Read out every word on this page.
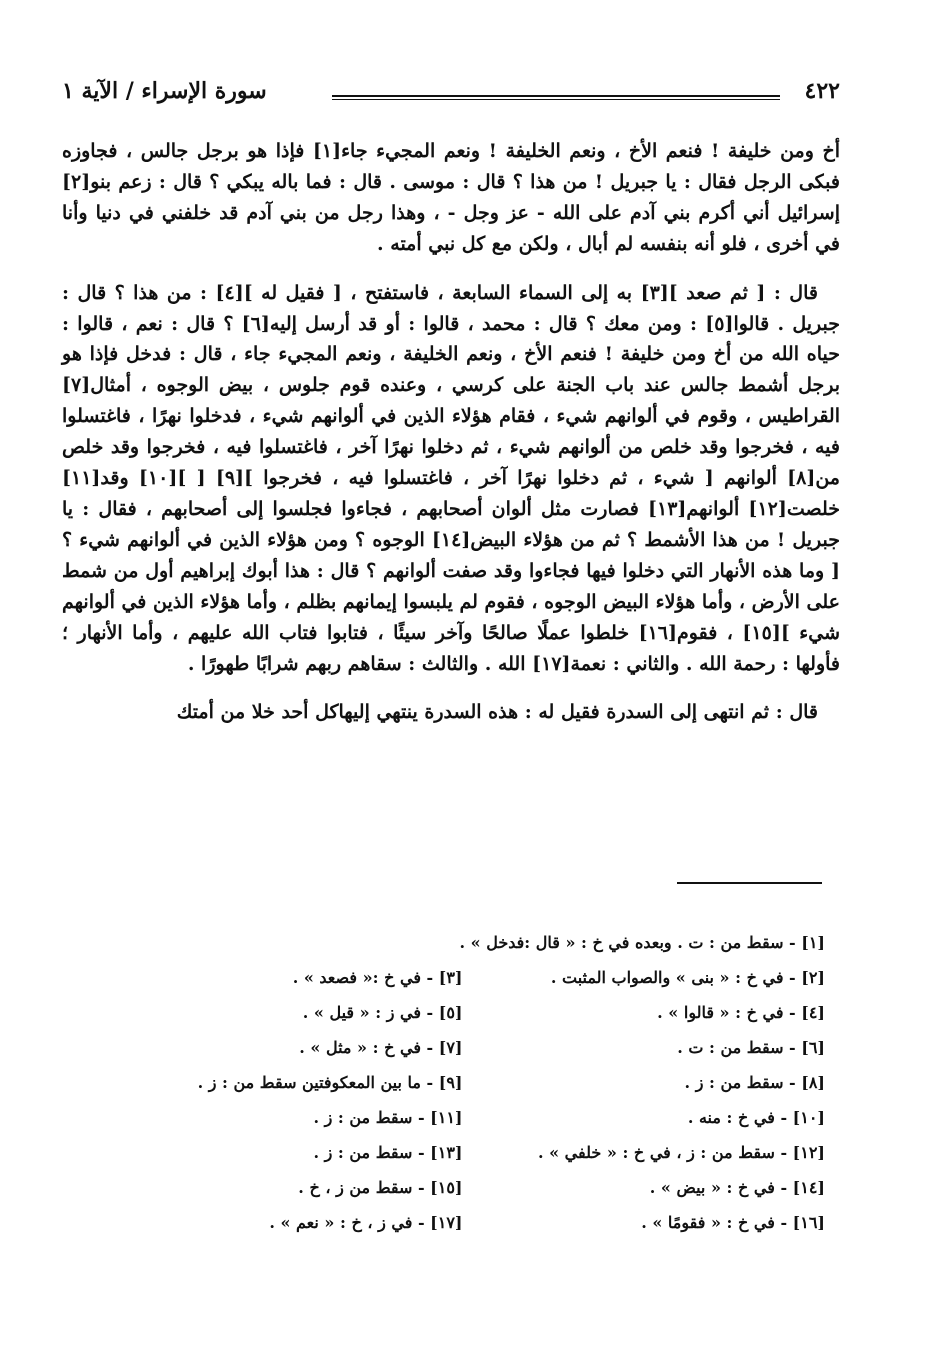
٤٢٢
سورة الإسراء / الآية ١

أخ ومن خليفة ! فنعم الأخ ، ونعم الخليفة ! ونعم المجيء جاء[١] فإذا هو برجل جالس ، فجاوزه فبكى الرجل فقال : يا جبريل ! من هذا ؟ قال : موسى . قال : فما باله يبكي ؟ قال : زعم بنو[٢] إسرائيل أني أكرم بني آدم على الله - عز وجل - ، وهذا رجل من بني آدم قد خلفني في دنيا وأنا في أخرى ، فلو أنه بنفسه لم أبال ، ولكن مع كل نبي أمته .

قال : [ ثم صعد ][٣] به إلى السماء السابعة ، فاستفتح ، [ فقيل له ][٤] : من هذا ؟ قال : جبريل . قالوا[٥] : ومن معك ؟ قال : محمد ، قالوا : أو قد أرسل إليه[٦] ؟ قال : نعم ، قالوا : حياه الله من أخ ومن خليفة ! فنعم الأخ ، ونعم الخليفة ، ونعم المجيء جاء ، قال : فدخل فإذا هو برجل أشمط جالس عند باب الجنة على كرسي ، وعنده قوم جلوس ، بيض الوجوه ، أمثال[٧] القراطيس ، وقوم في ألوانهم شيء ، فقام هؤلاء الذين في ألوانهم شيء ، فدخلوا نهرًا ، فاغتسلوا فيه ، فخرجوا وقد خلص من ألوانهم شيء ، ثم دخلوا نهرًا آخر ، فاغتسلوا فيه ، فخرجوا وقد خلص من[٨] ألوانهم [ شيء ، ثم دخلوا نهرًا آخر ، فاغتسلوا فيه ، فخرجوا ][٩] [ ][١٠] وقد[١١] خلصت[١٢] ألوانهم[١٣] فصارت مثل ألوان أصحابهم ، فجاءوا فجلسوا إلى أصحابهم ، فقال : يا جبريل ! من هذا الأشمط ؟ ثم من هؤلاء البيض[١٤] الوجوه ؟ ومن هؤلاء الذين في ألوانهم شيء ؟ [ وما هذه الأنهار التي دخلوا فيها فجاءوا وقد صفت ألوانهم ؟ قال : هذا أبوك إبراهيم أول من شمط على الأرض ، وأما هؤلاء البيض الوجوه ، فقوم لم يلبسوا إيمانهم بظلم ، وأما هؤلاء الذين في ألوانهم شيء ][١٥] ، فقوم[١٦] خلطوا عملًا صالحًا وآخر سيئًا ، فتابوا فتاب الله عليهم ، وأما الأنهار ؛ فأولها : رحمة الله . والثاني : نعمة[١٧] الله . والثالث : سقاهم ربهم شرابًا طهورًا .

قال : ثم انتهى إلى السدرة فقيل له : هذه السدرة ينتهي إليهاكل أحد خلا من أمتك

[١] - سقط من : ت . وبعده في خ : « قال :فدخل » .
[٢] - في خ : « بنى » والصواب المثبت .
[٣] - في خ :« فصعد » .
[٤] - في خ : « قالوا » .
[٥] - في ز : « قيل » .
[٦] - سقط من : ت .
[٧] - في خ : « مثل » .
[٨] - سقط من : ز .
[٩] - ما بين المعكوفتين سقط من : ز .
[١٠] - في خ : منه .
[١١] - سقط من : ز .
[١٢] - سقط من : ز ، في خ : « خلفي » .
[١٣] - سقط من : ز .
[١٤] - في خ : « بيض » .
[١٥] - سقط من ز ، خ .
[١٦] - في خ : « فقومًا » .
[١٧] - في ز ، خ : « نعم » .
